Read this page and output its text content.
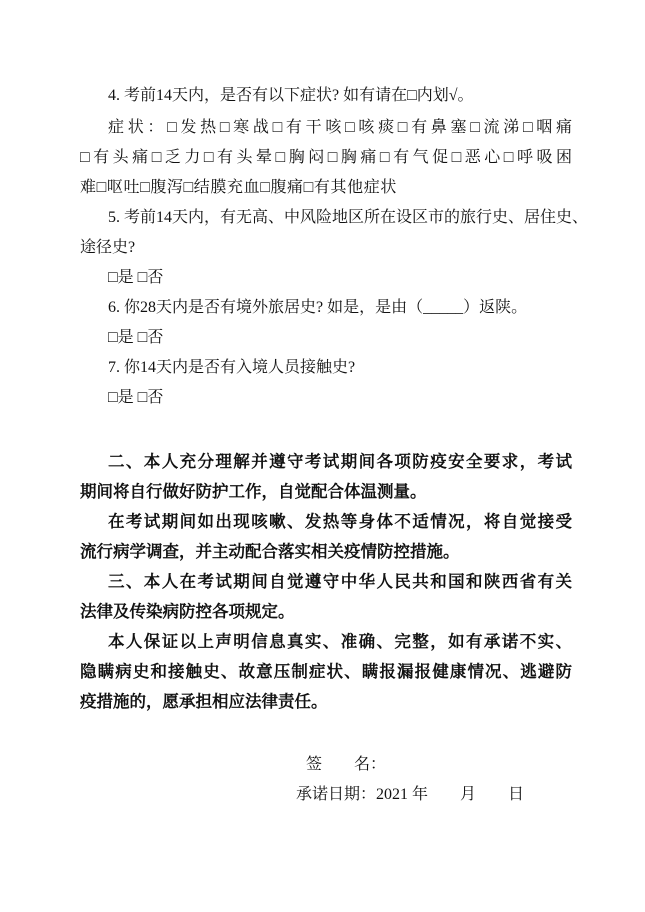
4. 考前14天内，是否有以下症状? 如有请在□内划√。
症状：□发热□寒战□有干咳□咳痰□有鼻塞□流涕□咽痛
□有头痛□乏力□有头晕□胸闷□胸痛□有气促□恶心□呼吸困
难□呕吐□腹泻□结膜充血□腹痛□有其他症状
5. 考前14天内，有无高、中风险地区所在设区市的旅行史、居住史、
途径史?
□是 □否
6. 你28天内是否有境外旅居史? 如是，是由（_____）返陕。
□是 □否
7. 你14天内是否有入境人员接触史?
□是 □否
二、本人充分理解并遵守考试期间各项防疫安全要求，考试
期间将自行做好防护工作，自觉配合体温测量。
在考试期间如出现咳嗽、发热等身体不适情况，将自觉接受
流行病学调查，并主动配合落实相关疫情防控措施。
三、本人在考试期间自觉遵守中华人民共和国和陕西省有关
法律及传染病防控各项规定。
本人保证以上声明信息真实、准确、完整，如有承诺不实、
隐瞒病史和接触史、故意压制症状、瞒报漏报健康情况、逃避防
疫措施的，愿承担相应法律责任。
签　　名：
承诺日期：2021 年　　月　　日
